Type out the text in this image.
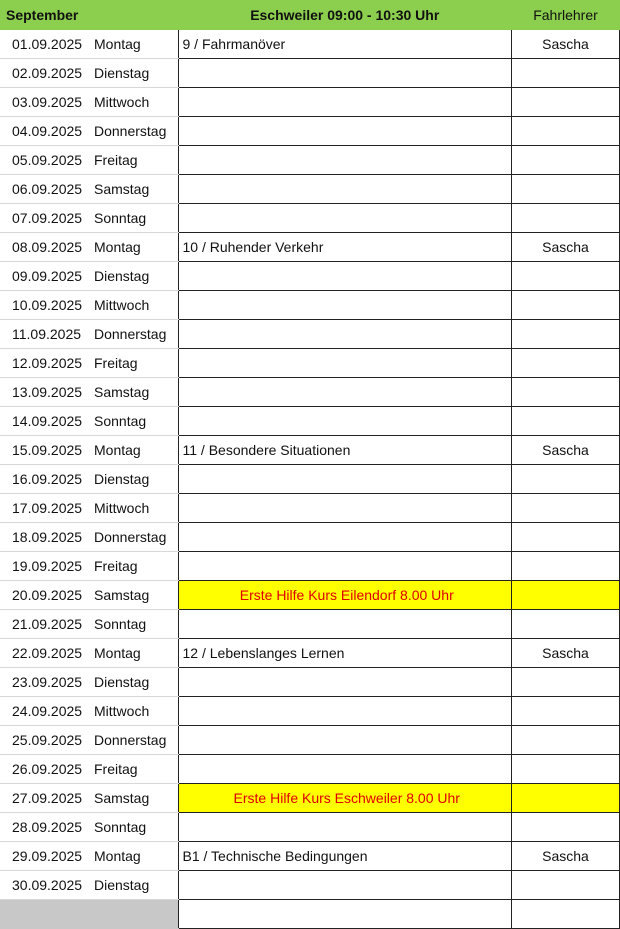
September		Eschweiler 09:00 - 10:30 Uhr	Fahrlehrer
01.09.2025	Montag	9 / Fahrmanöver	Sascha
02.09.2025	Dienstag		
03.09.2025	Mittwoch		
04.09.2025	Donnerstag		
05.09.2025	Freitag		
06.09.2025	Samstag		
07.09.2025	Sonntag		
08.09.2025	Montag	10 / Ruhender Verkehr	Sascha
09.09.2025	Dienstag		
10.09.2025	Mittwoch		
11.09.2025	Donnerstag		
12.09.2025	Freitag		
13.09.2025	Samstag		
14.09.2025	Sonntag		
15.09.2025	Montag	11 / Besondere Situationen	Sascha
16.09.2025	Dienstag		
17.09.2025	Mittwoch		
18.09.2025	Donnerstag		
19.09.2025	Freitag		
20.09.2025	Samstag	Erste Hilfe Kurs Eilendorf 8.00 Uhr	
21.09.2025	Sonntag		
22.09.2025	Montag	12 / Lebenslanges Lernen	Sascha
23.09.2025	Dienstag		
24.09.2025	Mittwoch		
25.09.2025	Donnerstag		
26.09.2025	Freitag		
27.09.2025	Samstag	Erste Hilfe Kurs Eschweiler 8.00 Uhr	
28.09.2025	Sonntag		
29.09.2025	Montag	B1 / Technische Bedingungen	Sascha
30.09.2025	Dienstag		
